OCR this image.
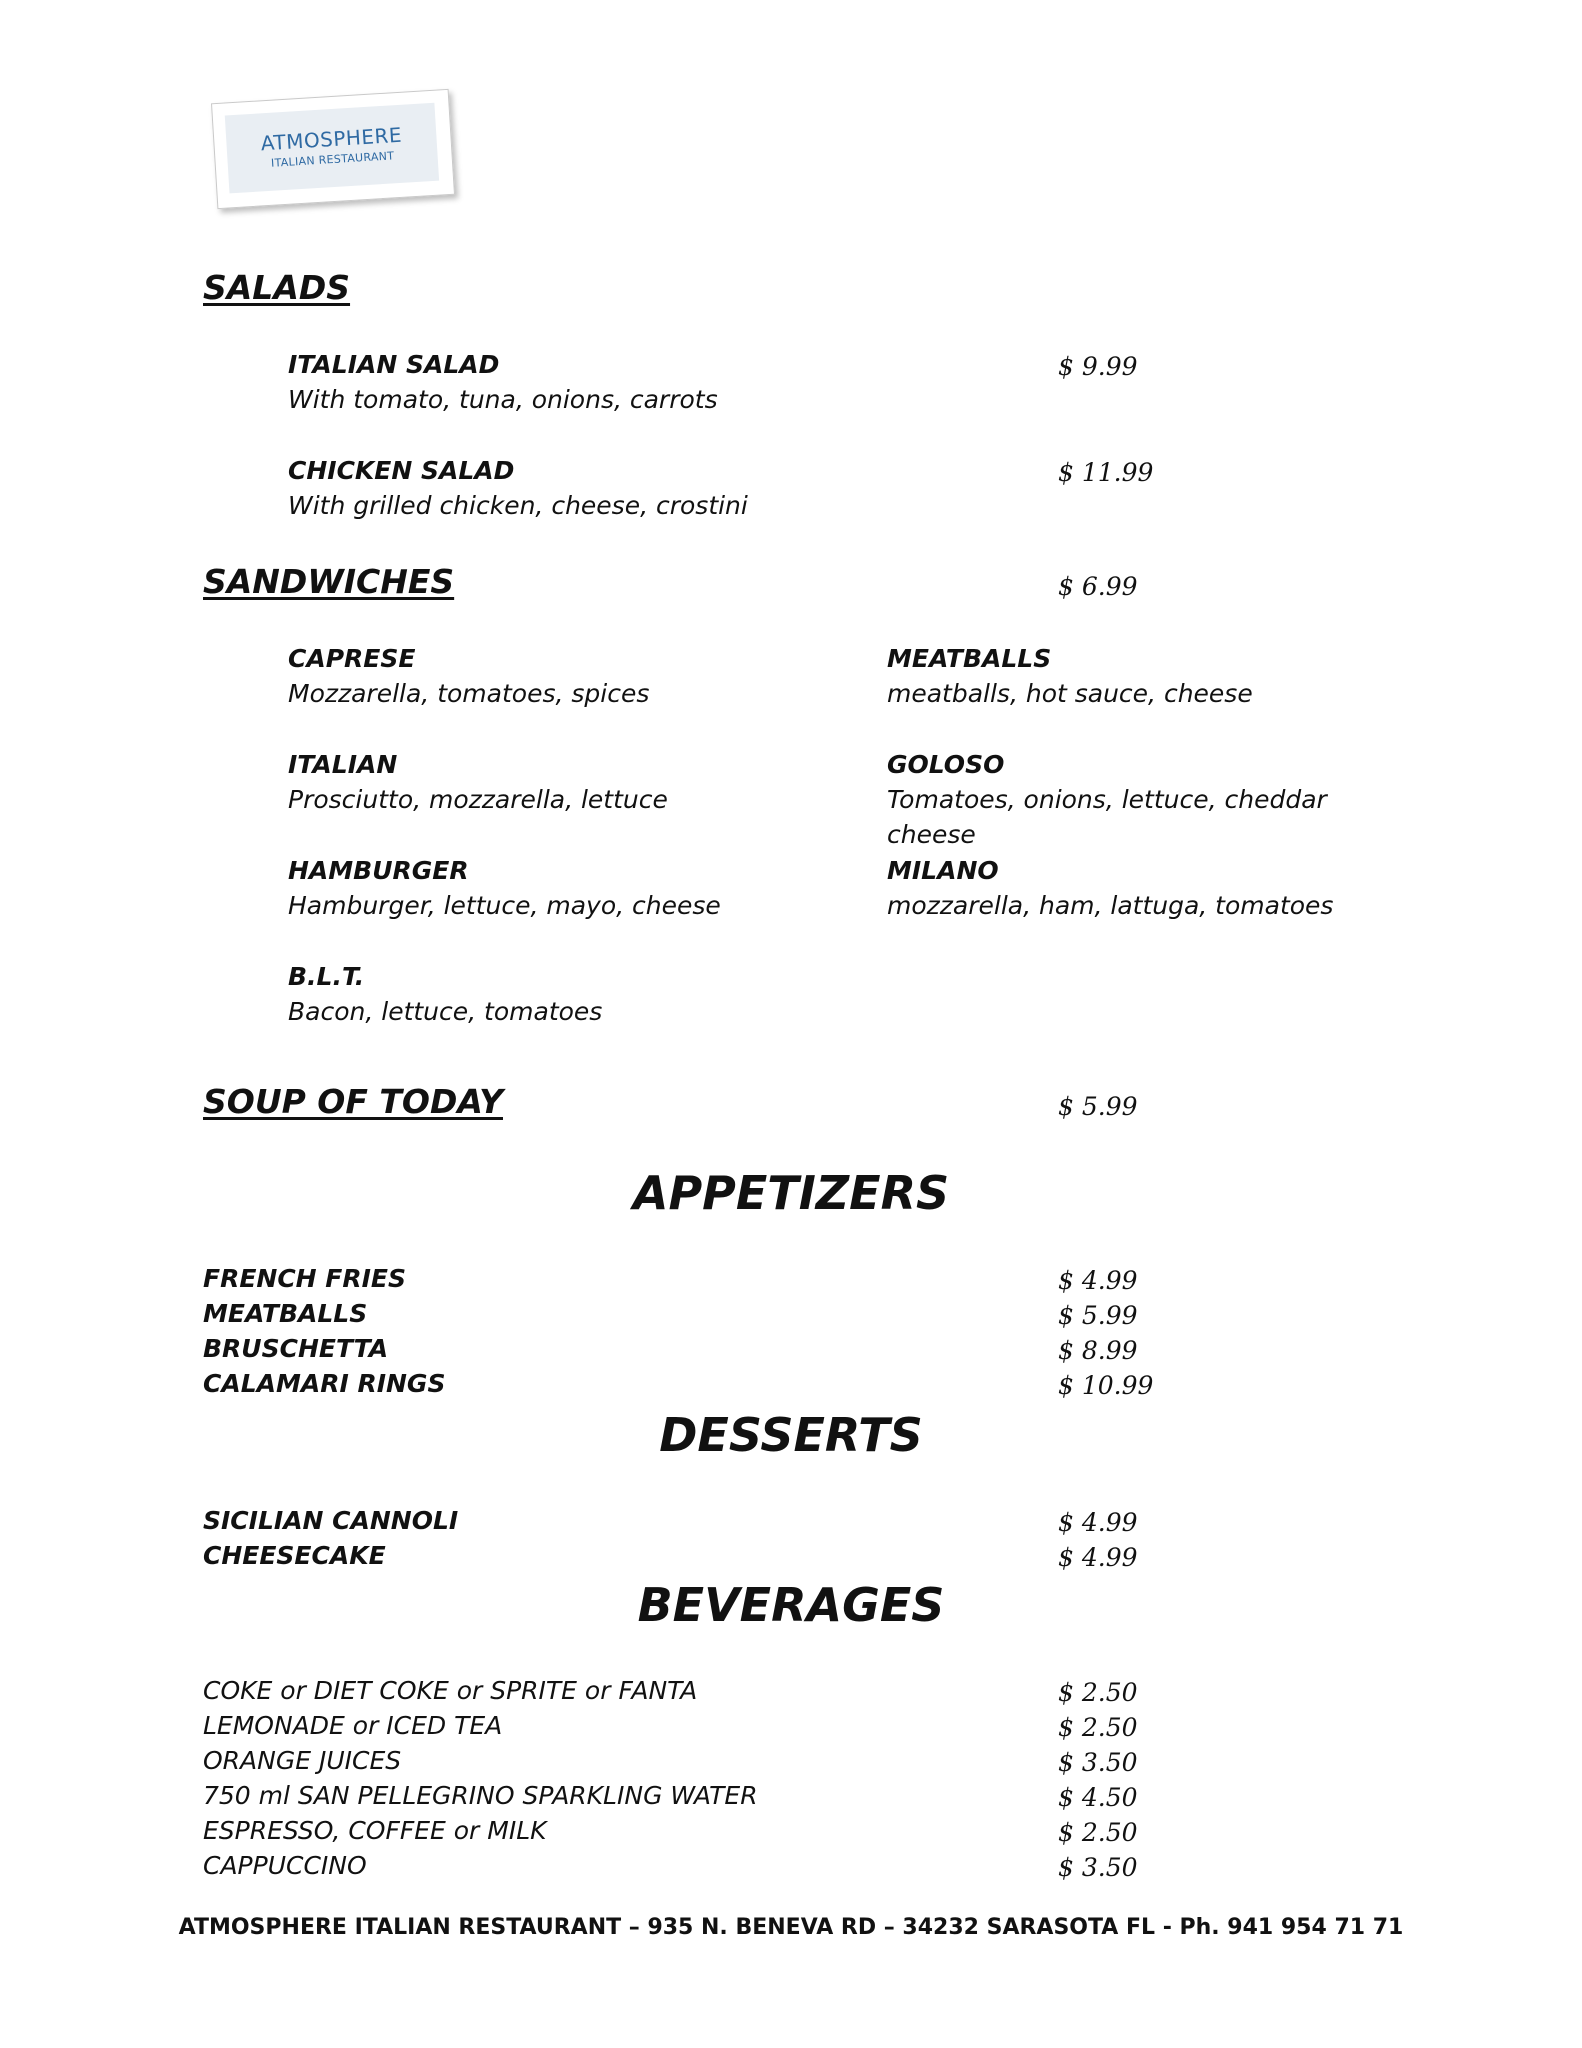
ATMOSPHERE
ITALIAN RESTAURANT
SALADS
ITALIAN SALAD
With tomato, tuna, onions, carrots
$ 9.99
CHICKEN SALAD
With grilled chicken, cheese, crostini
$ 11.99
SANDWICHES	$ 6.99
CAPRESE
Mozzarella, tomatoes, spices
MEATBALLS
meatballs, hot sauce, cheese
ITALIAN
Prosciutto, mozzarella, lettuce
GOLOSO
Tomatoes, onions, lettuce, cheddar
cheese
HAMBURGER
Hamburger, lettuce, mayo, cheese
MILANO
mozzarella, ham, lattuga, tomatoes
B.L.T.
Bacon, lettuce, tomatoes
SOUP OF TODAY	$ 5.99
APPETIZERS
FRENCH FRIES	$ 4.99
MEATBALLS	$ 5.99
BRUSCHETTA	$ 8.99
CALAMARI RINGS	$ 10.99
DESSERTS
SICILIAN CANNOLI	$ 4.99
CHEESECAKE	$ 4.99
BEVERAGES
COKE or DIET COKE or SPRITE or FANTA	$ 2.50
LEMONADE or ICED TEA	$ 2.50
ORANGE JUICES	$ 3.50
750 ml SAN PELLEGRINO SPARKLING WATER	$ 4.50
ESPRESSO, COFFEE or MILK	$ 2.50
CAPPUCCINO	$ 3.50
ATMOSPHERE ITALIAN RESTAURANT – 935 N. BENEVA RD – 34232 SARASOTA FL - Ph. 941 954 71 71
